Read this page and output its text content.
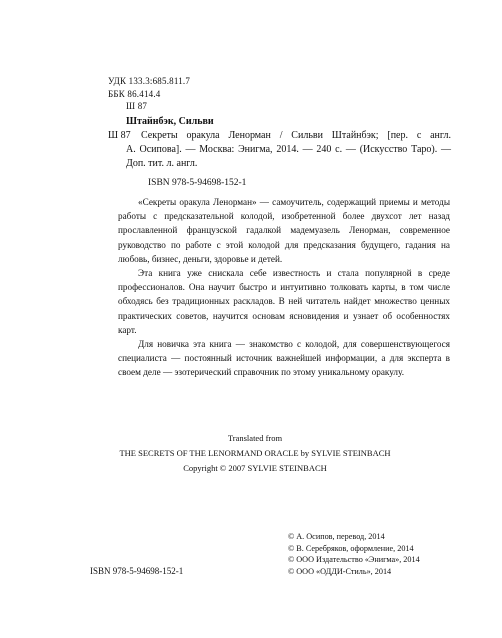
УДК 133.3:685.811.7
ББК 86.414.4
Ш 87
Штайнбэк, Сильви
Ш 87 Секреты оракула Ленорман / Сильви Штайнбэк; [пер. с англ.
А. Осипова]. — Москва: Энигма, 2014. — 240 с. — (Искусство Таро). —
Доп. тит. л. англ.
ISBN 978-5-94698-152-1

«Секреты оракула Ленорман» — самоучитель, содержащий приемы и методы работы с предсказательной колодой, изобретенной более двухсот лет назад прославленной французской гадалкой мадемуазель Ленорман, современное руководство по работе с этой колодой для предсказания будущего, гадания на любовь, бизнес, деньги, здоровье и детей.

Эта книга уже снискала себе известность и стала популярной в среде профессионалов. Она научит быстро и интуитивно толковать карты, в том числе обходясь без традиционных раскладов. В ней читатель найдет множество ценных практических советов, научится основам ясновидения и узнает об особенностях карт.

Для новичка эта книга — знакомство с колодой, для совершенствующегося специалиста — постоянный источник важнейшей информации, а для эксперта в своем деле — эзотерический справочник по этому уникальному оракулу.

Translated from
THE SECRETS OF THE LENORMAND ORACLE by SYLVIE STEINBACH
Copyright © 2007 SYLVIE STEINBACH
ISBN 978-5-94698-152-1
© А. Осипов, перевод, 2014
© В. Серебряков, оформление, 2014
© ООО Издательство «Энигма», 2014
© ООО «ОДДИ-Стиль», 2014
